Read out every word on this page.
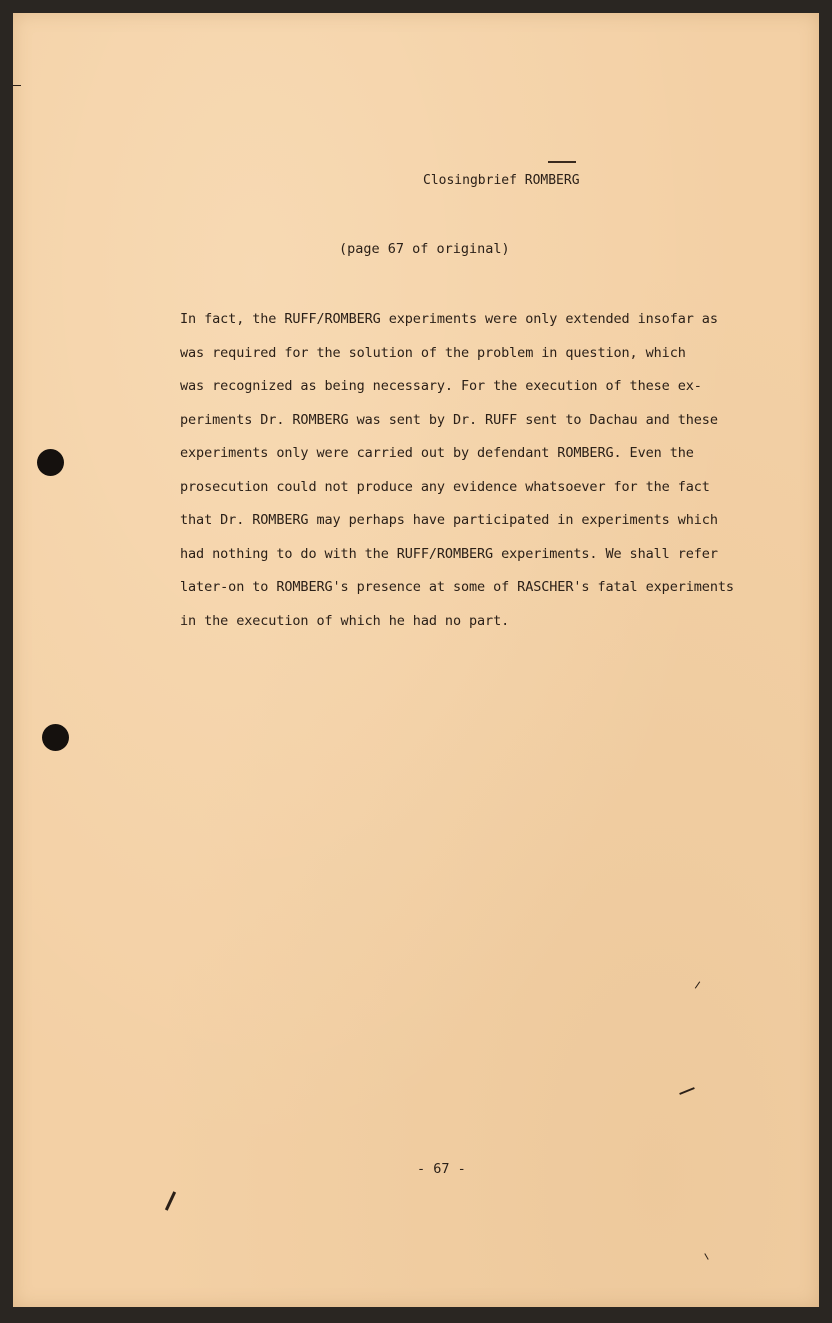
Closingbrief ROMBERG
(page 67 of original)
In fact, the RUFF/ROMBERG experiments were only extended insofar as
was required for the solution of the problem in question, which
was recognized as being necessary. For the execution of these ex-
periments Dr. ROMBERG was sent by Dr. RUFF sent to Dachau and these
experiments only were carried out by defendant ROMBERG. Even the
prosecution could not produce any evidence whatsoever for the fact
that Dr. ROMBERG may perhaps have participated in experiments which
had nothing to do with the RUFF/ROMBERG experiments. We shall refer
later-on to ROMBERG's presence at some of RASCHER's fatal experiments
in the execution of which he had no part.
- 67 -
